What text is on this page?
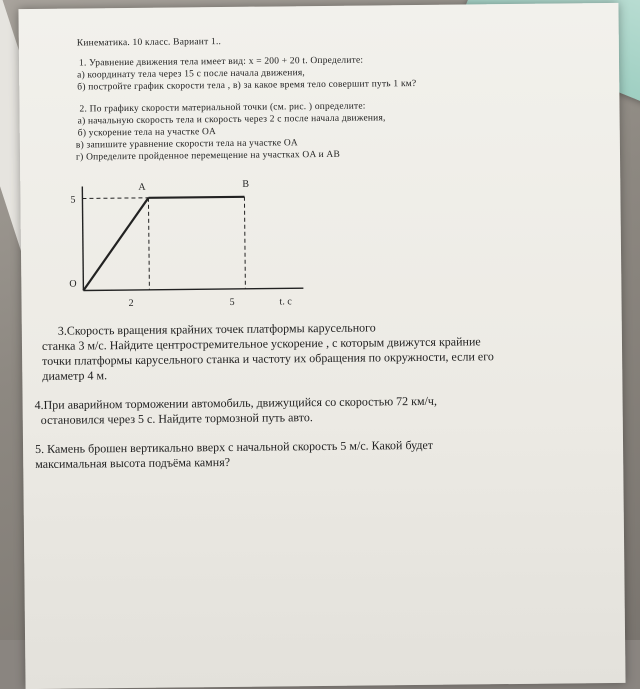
Кинематика. 10 класс. Вариант 1..
1. Уравнение движения тела имеет вид: x = 200 + 20 t. Определите:
а) координату тела через 15 с после начала движения,
б) постройте график скорости тела , в) за какое время тело совершит путь 1 км?
2. По графику скорости материальной точки (см. рис. ) определите:
а) начальную скорость тела и скорость через 2 с после начала движения,
б) ускорение тела на участке OA
в) запишите уравнение скорости тела на участке OA
г) Определите пройденное перемещение на участках OA и AB
A	B
O
5
2	5	t. c
3.Скорость вращения крайних точек платформы карусельного
станка 3 м/с. Найдите центростремительное ускорение , с которым движутся крайние
точки платформы карусельного станка и частоту их обращения по окружности, если его
диаметр 4 м.
4.При аварийном торможении автомобиль, движущийся со скоростью 72 км/ч,
остановился через 5 с. Найдите тормозной путь авто.
5. Камень брошен вертикально вверх с начальной скорость 5 м/с. Какой будет
максимальная высота подъёма камня?
